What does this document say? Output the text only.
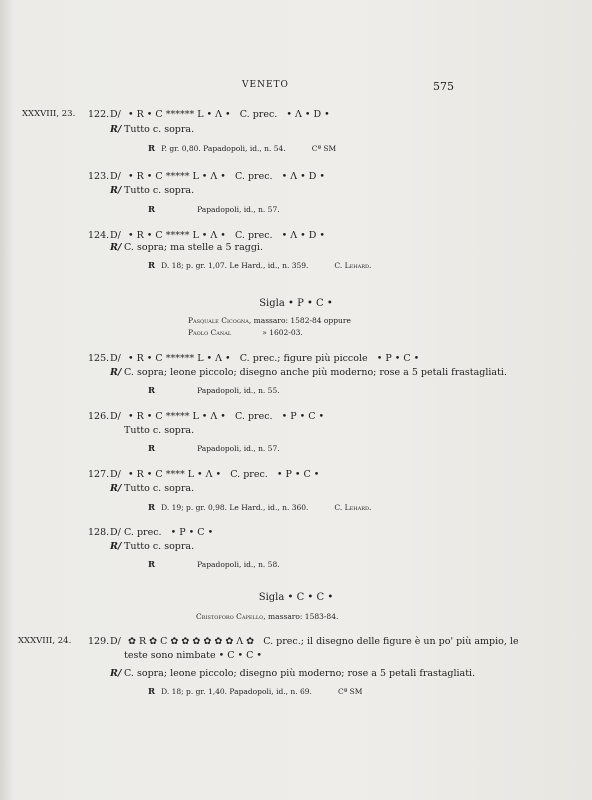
VENETO	575
XXXVIII, 23. 122. D/ • R • C ****** L • Λ • C. prec. • Λ • D •
R/ Tutto c. sopra.
R P. gr. 0,80. Papadopoli, id., n. 54.	Cª SM
123. D/ • R • C ***** L • Λ • C. prec. • Λ • D •
R/ Tutto c. sopra.
R	Papadopoli, id., n. 57.
124. D/ • R • C ***** L • Λ • C. prec. • Λ • D •
R/ C. sopra; ma stelle a 5 raggi.
R D. 18; p. gr. 1,07. Le Hard., id., n. 359.	C. Lehard.
Sigla • P • C •
Pasquale Cicogna, massaro: 1582-84 oppure
Paolo Canal	» 1602-03.
125. D/ • R • C ****** L • Λ • C. prec.; figure più piccole • P • C •
R/ C. sopra; leone piccolo; disegno anche più moderno; rose a 5 petali frastagliati.
R	Papadopoli, id., n. 55.
126. D/ • R • C ***** L • Λ • C. prec. • P • C •
Tutto c. sopra.
R	Papadopoli, id., n. 57.
127. D/ • R • C **** L • Λ • C. prec. • P • C •
R/ Tutto c. sopra.
R D. 19; p. gr. 0,98. Le Hard., id., n. 360.	C. Lehard.
128. D/ C. prec. • P • C •
R/ Tutto c. sopra.
R	Papadopoli, id., n. 58.
Sigla • C • C •
Cristoforo Capello, massaro: 1583-84.
XXXVIII, 24. 129. D/ ✿ R ✿ C ✿ ✿ ✿ ✿ ✿ ✿ Λ ✿ C. prec.; il disegno delle figure è un po' più ampio, le
teste sono nimbate • C • C •
R/ C. sopra; leone piccolo; disegno più moderno; rose a 5 petali frastagliati.
R D. 18; p. gr. 1,40. Papadopoli, id., n. 69.	Cª SM
